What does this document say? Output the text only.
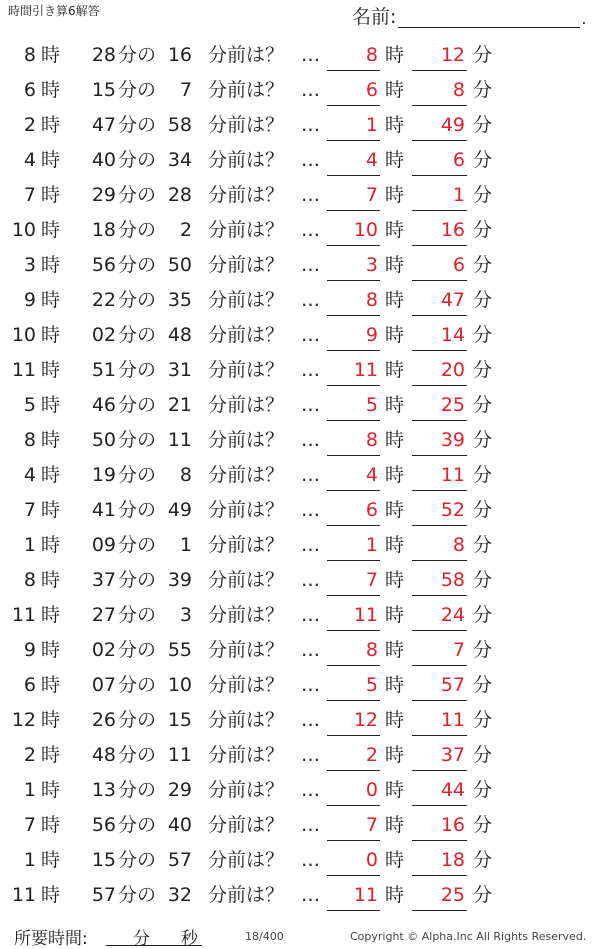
時間引き算6解答	名前:	.
8 時	28 分の 16 分前は？ …	8 時	12 分
6 時	15 分の	7 分前は？ …	6 時	8 分
2 時	47 分の 58 分前は？ …	1 時	49 分
4 時	40 分の 34 分前は？ …	4 時	6 分
7 時	29 分の 28 分前は？ …	7 時	1 分
10 時	18 分の	2 分前は？ …	10 時	16 分
3 時	56 分の 50 分前は？ …	3 時	6 分
9 時	22 分の 35 分前は？ …	8 時	47 分
10 時	02 分の 48 分前は？ …	9 時	14 分
11 時	51 分の 31 分前は？ …	11 時	20 分
5 時	46 分の 21 分前は？ …	5 時	25 分
8 時	50 分の 11 分前は？ …	8 時	39 分
4 時	19 分の	8 分前は？ …	4 時	11 分
7 時	41 分の 49 分前は？ …	6 時	52 分
1 時	09 分の	1 分前は？ …	1 時	8 分
8 時	37 分の 39 分前は？ …	7 時	58 分
11 時	27 分の	3 分前は？ …	11 時	24 分
9 時	02 分の 55 分前は？ …	8 時	7 分
6 時	07 分の 10 分前は？ …	5 時	57 分
12 時	26 分の 15 分前は？ …	12 時	11 分
2 時	48 分の 11 分前は？ …	2 時	37 分
1 時	13 分の 29 分前は？ …	0 時	44 分
7 時	56 分の 40 分前は？ …	7 時	16 分
1 時	15 分の 57 分前は？ …	0 時	18 分
11 時	57 分の 32 分前は？ …	11 時	25 分
所要時間:	分 秒	18/400	Copyright © Alpha.Inc All Rights Reserved.
